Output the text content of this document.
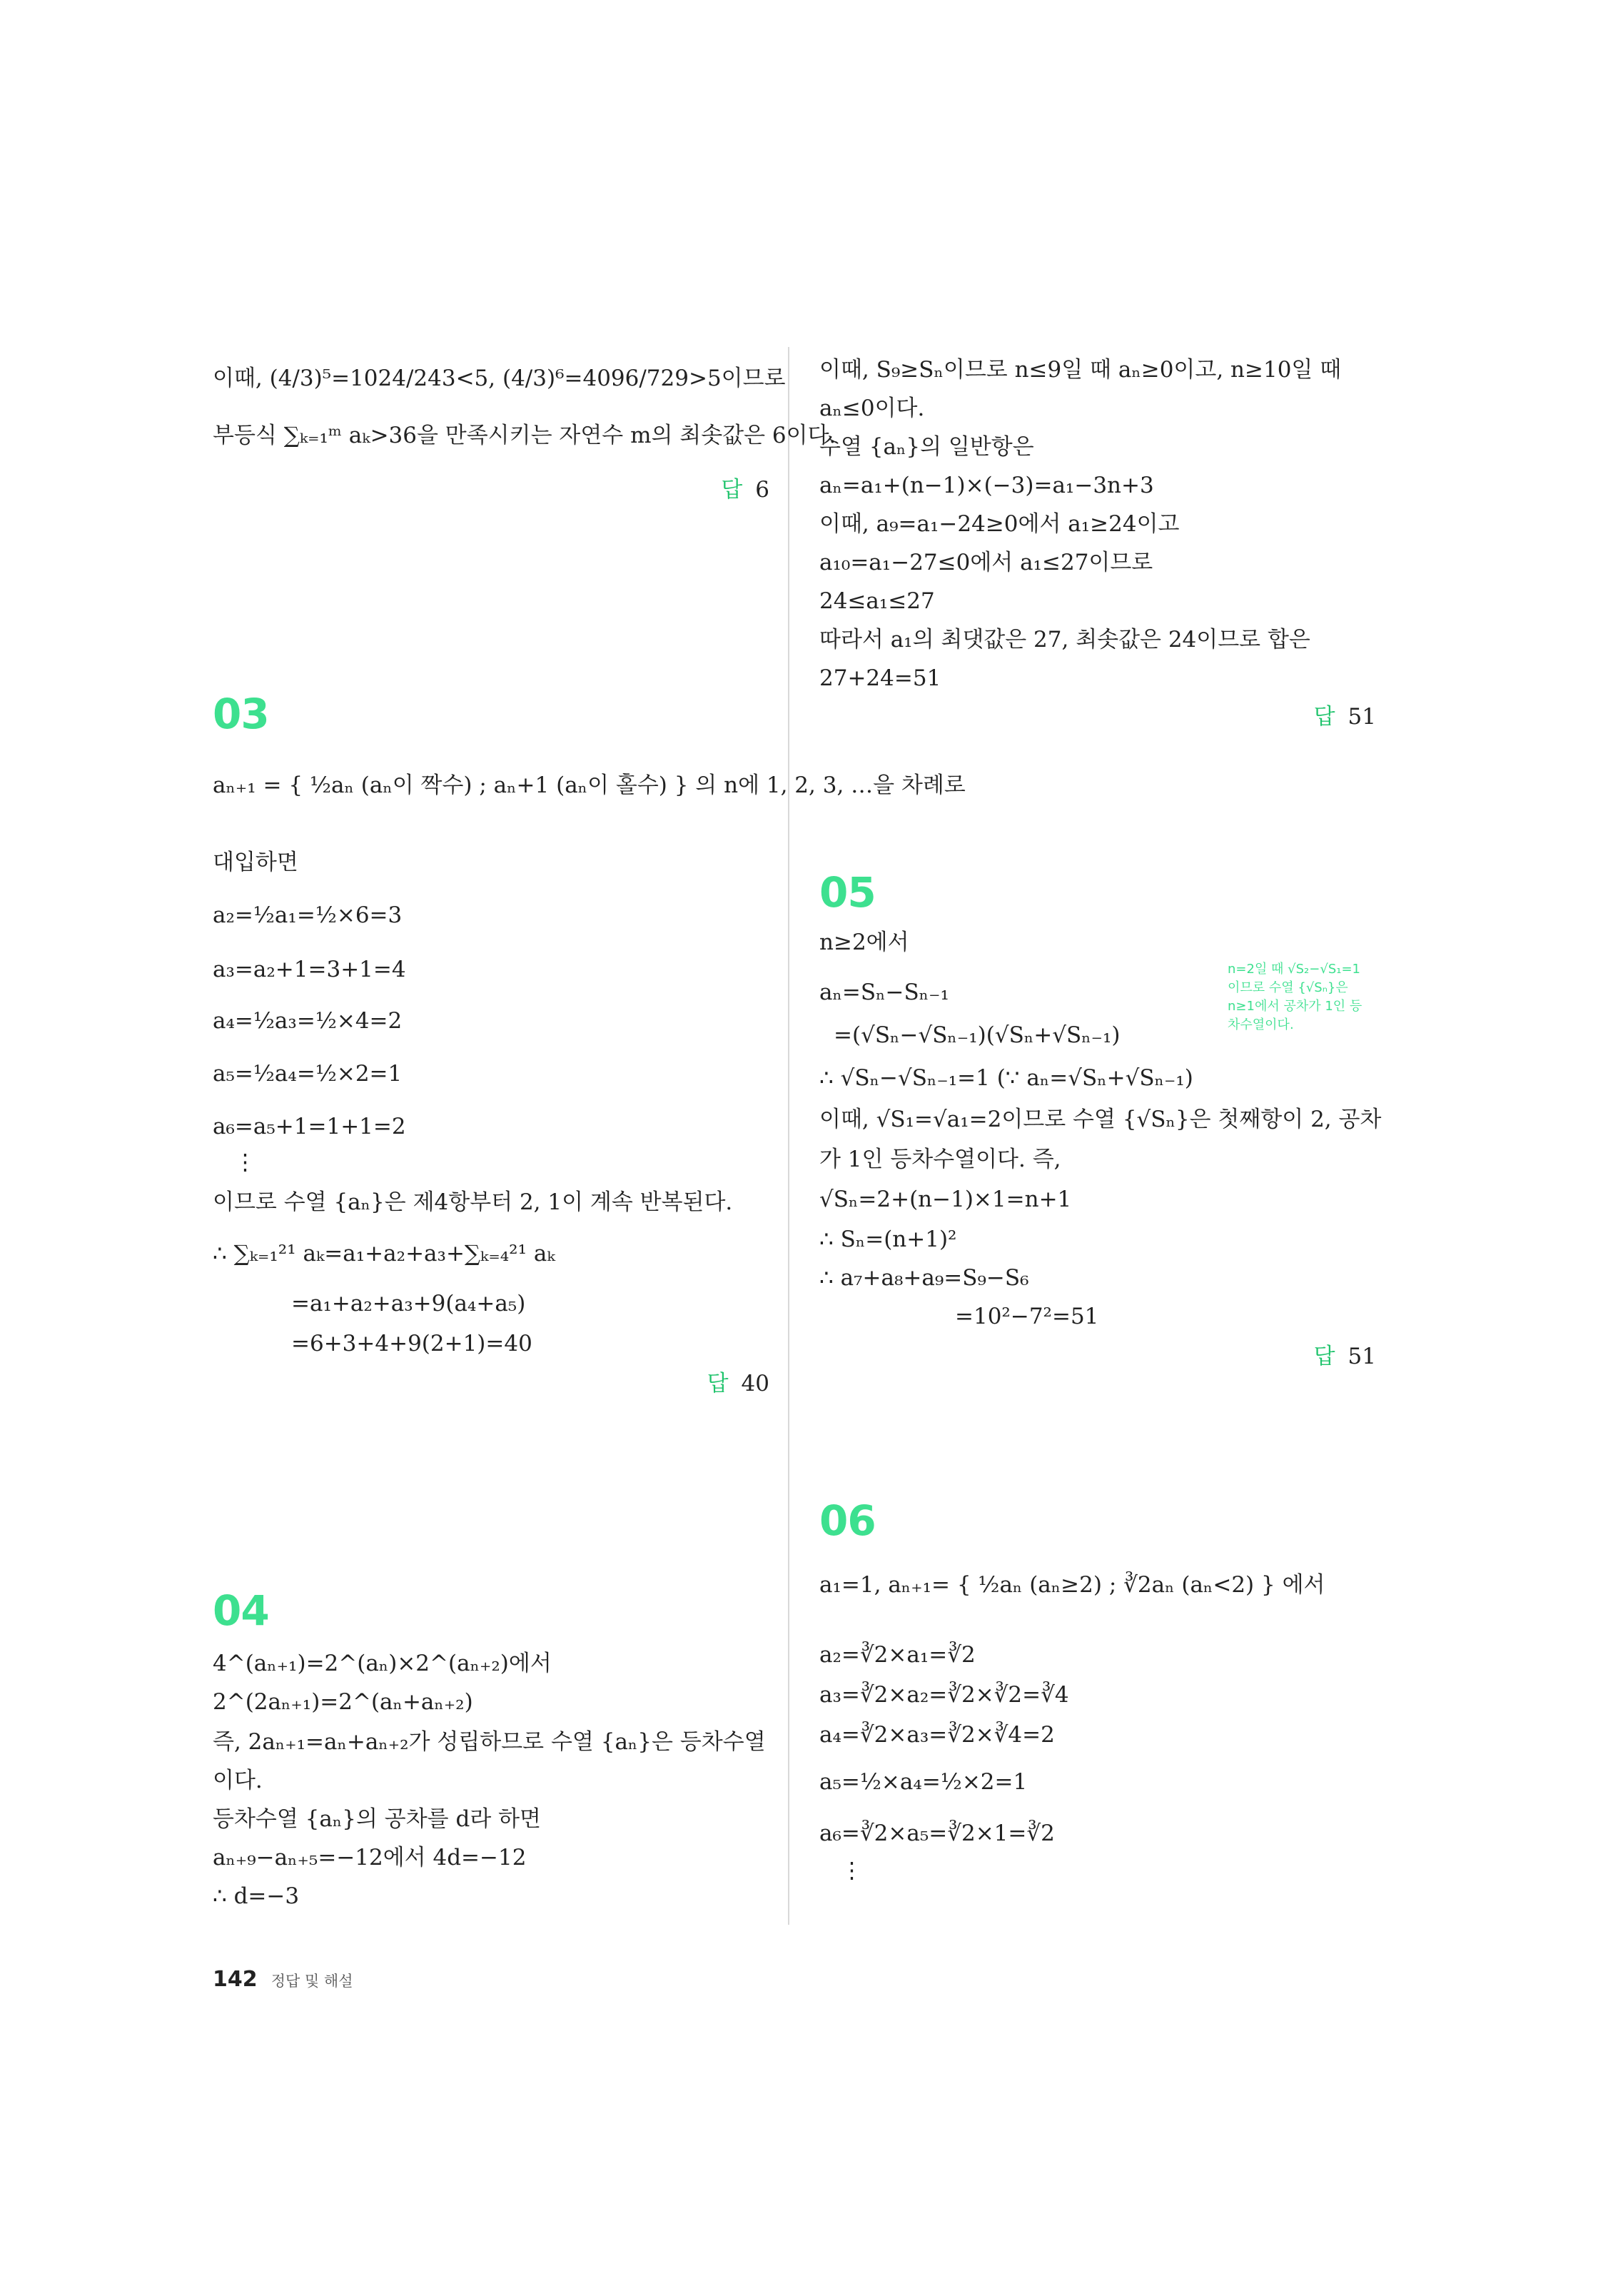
이때, (4/3)⁵=1024/243<5, (4/3)⁶=4096/729>5이므로
부등식 ∑ₖ₌₁ᵐ aₖ>36을 만족시키는 자연수 m의 최솟값은 6이다.
답 6
03
aₙ₊₁ = { ½aₙ (aₙ이 짝수) ; aₙ+1 (aₙ이 홀수) } 의 n에 1, 2, 3, …을 차례로
대입하면
a₂=½a₁=½×6=3
a₃=a₂+1=3+1=4
a₄=½a₃=½×4=2
a₅=½a₄=½×2=1
a₆=a₅+1=1+1=2
⋮
이므로 수열 {aₙ}은 제4항부터 2, 1이 계속 반복된다.
∴ ∑ₖ₌₁²¹ aₖ=a₁+a₂+a₃+∑ₖ₌₄²¹ aₖ
=a₁+a₂+a₃+9(a₄+a₅)
=6+3+4+9(2+1)=40
답 40
04
4^(aₙ₊₁)=2^(aₙ)×2^(aₙ₊₂)에서
2^(2aₙ₊₁)=2^(aₙ+aₙ₊₂)
즉, 2aₙ₊₁=aₙ+aₙ₊₂가 성립하므로 수열 {aₙ}은 등차수열
이다.
등차수열 {aₙ}의 공차를 d라 하면
aₙ₊₉−aₙ₊₅=−12에서 4d=−12
∴ d=−3
이때, S₉≥Sₙ이므로 n≤9일 때 aₙ≥0이고, n≥10일 때
aₙ≤0이다.
수열 {aₙ}의 일반항은
aₙ=a₁+(n−1)×(−3)=a₁−3n+3
이때, a₉=a₁−24≥0에서 a₁≥24이고
a₁₀=a₁−27≤0에서 a₁≤27이므로
24≤a₁≤27
따라서 a₁의 최댓값은 27, 최솟값은 24이므로 합은
27+24=51
답 51
05
n≥2에서
aₙ=Sₙ−Sₙ₋₁
=(√Sₙ−√Sₙ₋₁)(√Sₙ+√Sₙ₋₁)
∴ √Sₙ−√Sₙ₋₁=1 (∵ aₙ=√Sₙ+√Sₙ₋₁)
이때, √S₁=√a₁=2이므로 수열 {√Sₙ}은 첫째항이 2, 공차
가 1인 등차수열이다. 즉,
√Sₙ=2+(n−1)×1=n+1
∴ Sₙ=(n+1)²
∴ a₇+a₈+a₉=S₉−S₆
=10²−7²=51
답 51
06
a₁=1, aₙ₊₁= { ½aₙ (aₙ≥2) ; ∛2aₙ (aₙ<2) } 에서
a₂=∛2×a₁=∛2
a₃=∛2×a₂=∛2×∛2=∛4
a₄=∛2×a₃=∛2×∛4=2
a₅=½×a₄=½×2=1
a₆=∛2×a₅=∛2×1=∛2
⋮
n=2일 때 √S₂−√S₁=1이므로 수열 {√Sₙ}은 n≥1에서 공차가 1인 등차수열이다.
142 정답 및 해설
